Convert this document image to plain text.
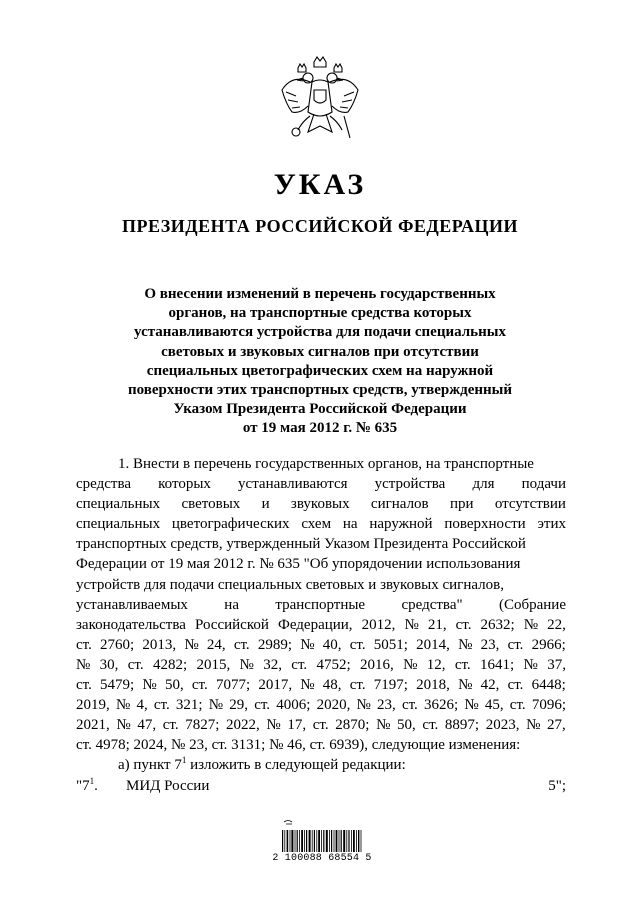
УКАЗ
ПРЕЗИДЕНТА РОССИЙСКОЙ ФЕДЕРАЦИИ
О внесении изменений в перечень государственных
органов, на транспортные средства которых
устанавливаются устройства для подачи специальных
световых и звуковых сигналов при отсутствии
специальных цветографических схем на наружной
поверхности этих транспортных средств, утвержденный
Указом Президента Российской Федерации
от 19 мая 2012 г. № 635
1. Внести в перечень государственных органов, на транспортные
средства которых устанавливаются устройства для подачи
специальных световых и звуковых сигналов при отсутствии
специальных цветографических схем на наружной поверхности этих
транспортных средств, утвержденный Указом Президента Российской
Федерации от 19 мая 2012 г. № 635 "Об упорядочении использования
устройств для подачи специальных световых и звуковых сигналов,
устанавливаемых на транспортные средства" (Собрание
законодательства Российской Федерации, 2012, № 21, ст. 2632; № 22,
ст. 2760; 2013, № 24, ст. 2989; № 40, ст. 5051; 2014, № 23, ст. 2966;
№ 30, ст. 4282; 2015, № 32, ст. 4752; 2016, № 12, ст. 1641; № 37,
ст. 5479; № 50, ст. 7077; 2017, № 48, ст. 7197; 2018, № 42, ст. 6448;
2019, № 4, ст. 321; № 29, ст. 4006; 2020, № 23, ст. 3626; № 45, ст. 7096;
2021, № 47, ст. 7827; 2022, № 17, ст. 2870; № 50, ст. 8897; 2023, № 27,
ст. 4978; 2024, № 23, ст. 3131; № 46, ст. 6939), следующие изменения:
а) пункт $7^1$ изложить в следующей редакции:
"$7^1$. МИД России	5";
2 100088 68554 5
